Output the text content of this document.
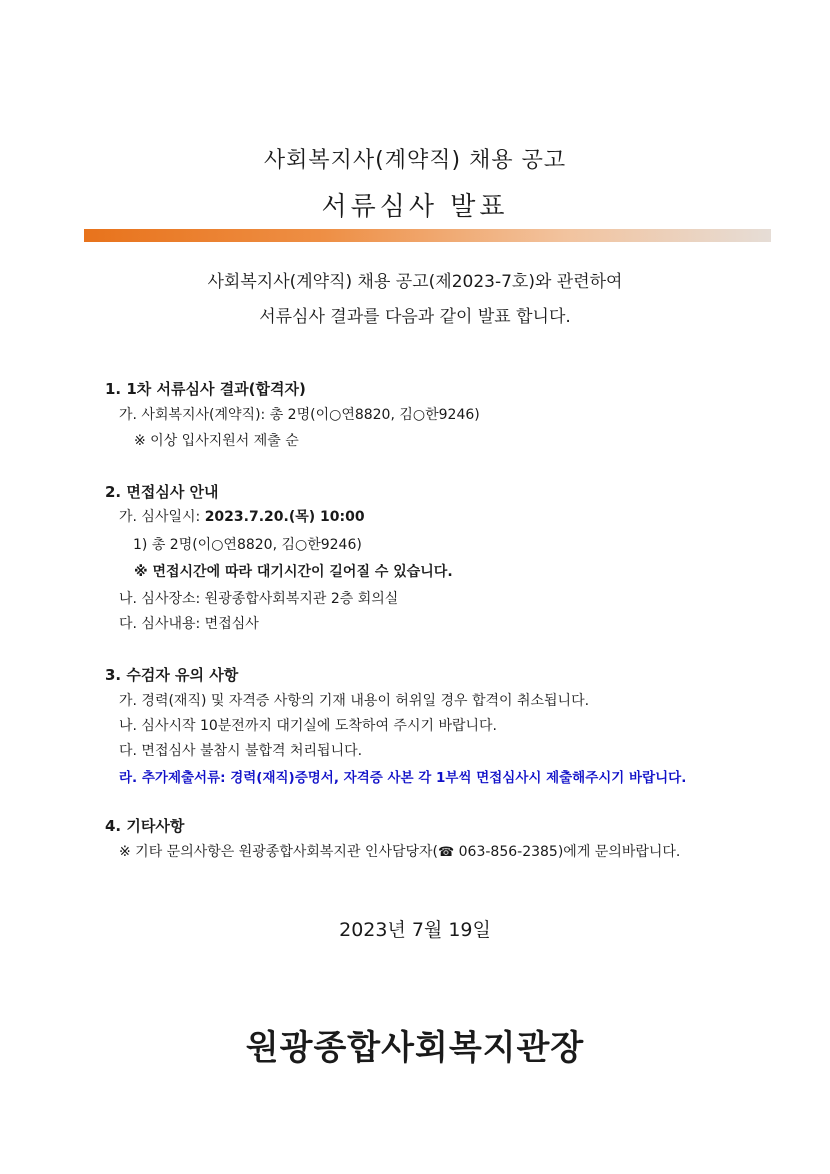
사회복지사(계약직) 채용 공고
서류심사 발표
사회복지사(계약직) 채용 공고(제2023-7호)와 관련하여
서류심사 결과를 다음과 같이 발표 합니다.
1. 1차 서류심사 결과(합격자)
가. 사회복지사(계약직): 총 2명(이○연8820, 김○한9246)
※ 이상 입사지원서 제출 순
2. 면접심사 안내
가. 심사일시: 2023.7.20.(목) 10:00
1) 총 2명(이○연8820, 김○한9246)
※ 면접시간에 따라 대기시간이 길어질 수 있습니다.
나. 심사장소: 원광종합사회복지관 2층 회의실
다. 심사내용: 면접심사
3. 수검자 유의 사항
가. 경력(재직) 및 자격증 사항의 기재 내용이 허위일 경우 합격이 취소됩니다.
나. 심사시작 10분전까지 대기실에 도착하여 주시기 바랍니다.
다. 면접심사 불참시 불합격 처리됩니다.
라. 추가제출서류: 경력(재직)증명서, 자격증 사본 각 1부씩 면접심사시 제출해주시기 바랍니다.
4. 기타사항
※ 기타 문의사항은 원광종합사회복지관 인사담당자(☎ 063-856-2385)에게 문의바랍니다.
2023년 7월 19일
원광종합사회복지관장
